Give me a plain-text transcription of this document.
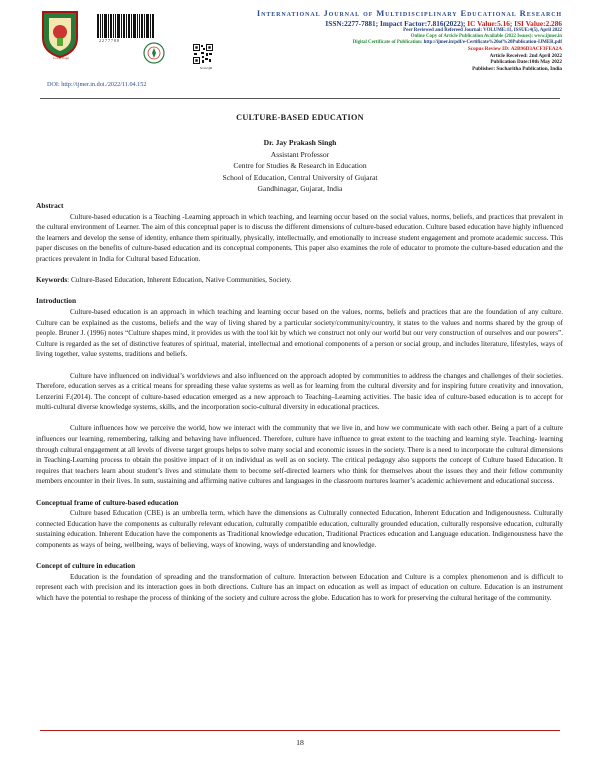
Cover Page
2277788
Scan QR
International Journal of Multidisciplinary Educational Research
ISSN:2277-7881; Impact Factor:7.816(2022); IC Value:5.16; ISI Value:2.286
Peer Reviewed and Refereed Journal: VOLUME:11, ISSUE:4(5), April 2022
Online Copy of Article Publication Available (2022 Issues): www.ijmer.in
Digital Certificate of Publication: http://ijmer.in/pdf/e-Certificate%20of%20Publication-IJMER.pdf
Scopus Review ID: A2B96D3ACF3FEA2A
Article Received: 2nd April 2022
Publication Date:10th May 2022
Publisher: Sucharitha Publication, India
DOI: http://ijmer.in.doi./2022/11.04.152
CULTURE-BASED EDUCATION
Dr. Jay Prakash Singh
Assistant Professor
Centre for Studies & Research in Education
School of Education, Central University of Gujarat
Gandhinagar, Gujarat, India
Abstract

Culture-based education is a Teaching -Learning approach in which teaching, and learning occur based on the social values, norms, beliefs, and practices that prevalent in the cultural environment of Learner. The aim of this conceptual paper is to discuss the different dimensions of culture-based education. Culture based education have highly influenced the learners and develop the sense of identity, enhance them spiritually, physically, intellectually, and emotionally to increase student engagement and promote academic success. This paper discuses on the benefits of culture-based education and its conceptual components. This paper also examines the role of educator to promote the culture-based education and the practices prevalent in India for Cultural based Education.

Keywords: Culture-Based Education, Inherent Education, Native Communities, Society.

Introduction

Culture-based education is an approach in which teaching and learning occur based on the values, norms, beliefs and practices that are the foundation of any culture. Culture can be explained as the customs, beliefs and the way of living shared by a particular society/community/country, it states to the values and norms shared by the group of people. Bruner J. (1996) notes “Culture shapes mind, it provides us with the tool kit by which we construct not only our world but our very construction of ourselves and our powers”. Culture is regarded as the set of distinctive features of spiritual, material, intellectual and emotional components of a person or social group, and includes literature, lifestyles, ways of living together, value systems, traditions and beliefs.

Culture have influenced on individual’s worldviews and also influenced on the approach adopted by communities to address the changes and challenges of their societies. Therefore, education serves as a critical means for spreading these value systems as well as for learning from the cultural diversity and for inspiring future creativity and innovation, Lenzerini F.(2014). The concept of culture-based education emerged as a new approach to Teaching–Learning activities. The basic idea of culture-based education is to accept for multi-cultural diverse knowledge systems, skills, and the incorporation socio-cultural diversity in educational practices.

Culture influences how we perceive the world, how we interact with the community that we live in, and how we communicate with each other. Being a part of a culture influences our learning, remembering, talking and behaving have influenced. Therefore, culture have influence to great extent to the teaching and learning style. Teaching- learning through cultural engagement at all levels of diverse target groups helps to solve many social and economic issues in the society. There is a need to incorporate the cultural dimensions in Teaching-Learning process to obtain the positive impact of it on individual as well as on society. The critical pedagogy also supports the concept of Culture based Education. It requires that teachers learn about student’s lives and stimulate them to become self-directed learners who think for themselves about the issues they and their fellow community members encounter in their lives. In sum, sustaining and affirming native cultures and languages in the classroom nurtures learner’s academic achievement and educational success.

Conceptual frame of culture-based education

Culture based Education (CBE) is an umbrella term, which have the dimensions as Culturally connected Education, Inherent Education and Indigenousness. Culturally connected Education have the components as culturally relevant education, culturally compatible education, culturally grounded education, culturally responsive education, culturally sustaining education. Inherent Education have the components as Traditional knowledge education, Traditional Practices education and Language education. Indigenousness have the components as ways of being, wellbeing, ways of believing, ways of knowing, ways of understanding and knowledge.

Concept of culture in education

Education is the foundation of spreading and the transformation of culture. Interaction between Education and Culture is a complex phenomenon and is difficult to represent each with precision and its interaction goes in both directions. Culture has an impact on education as well as impact of education on culture. Education is an instrument which have the potential to reshape the process of thinking of the society and culture across the globe. Education has to work for preserving the cultural heritage of the community.

18
